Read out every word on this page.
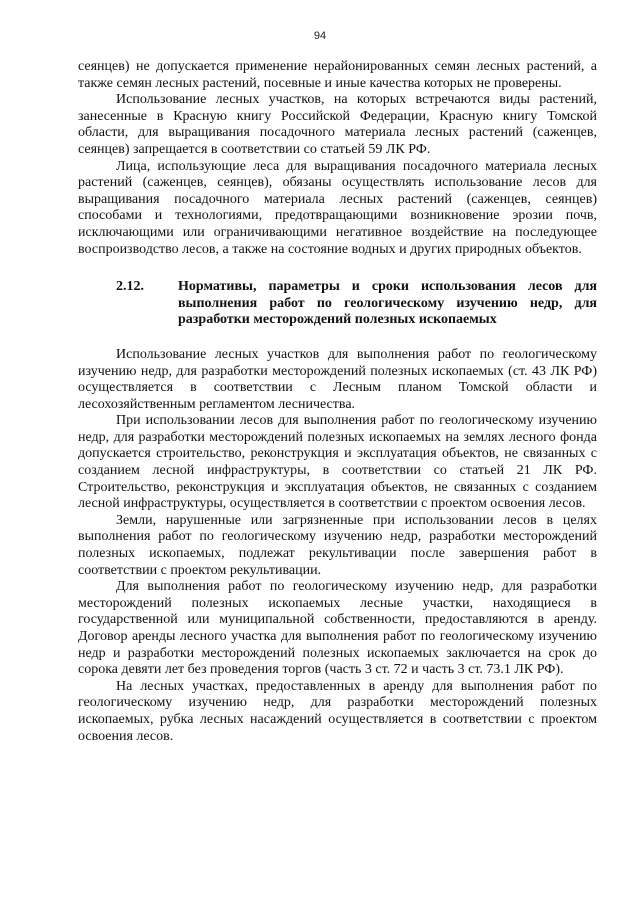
94

сеянцев) не допускается применение нерайонированных семян лесных растений, а также семян лесных растений, посевные и иные качества которых не проверены.

Использование лесных участков, на которых встречаются виды растений, занесенные в Красную книгу Российской Федерации, Красную книгу Томской области, для выращивания посадочного материала лесных растений (саженцев, сеянцев) запрещается в соответствии со статьей 59 ЛК РФ.

Лица, использующие леса для выращивания посадочного материала лесных растений (саженцев, сеянцев), обязаны осуществлять использование лесов для выращивания посадочного материала лесных растений (саженцев, сеянцев) способами и технологиями, предотвращающими возникновение эрозии почв, исключающими или ограничивающими негативное воздействие на последующее воспроизводство лесов, а также на состояние водных и других природных объектов.

2.12.	Нормативы, параметры и сроки использования лесов для выполнения работ по геологическому изучению недр, для разработки месторождений полезных ископаемых

Использование лесных участков для выполнения работ по геологическому изучению недр, для разработки месторождений полезных ископаемых (ст. 43 ЛК РФ) осуществляется в соответствии с Лесным планом Томской области и лесохозяйственным регламентом лесничества.

При использовании лесов для выполнения работ по геологическому изучению недр, для разработки месторождений полезных ископаемых на землях лесного фонда допускается строительство, реконструкция и эксплуатация объектов, не связанных с созданием лесной инфраструктуры, в соответствии со статьей 21 ЛК РФ. Строительство, реконструкция и эксплуатация объектов, не связанных с созданием лесной инфраструктуры, осуществляется в соответствии с проектом освоения лесов.

Земли, нарушенные или загрязненные при использовании лесов в целях выполнения работ по геологическому изучению недр, разработки месторождений полезных ископаемых, подлежат рекультивации после завершения работ в соответствии с проектом рекультивации.

Для выполнения работ по геологическому изучению недр, для разработки месторождений полезных ископаемых лесные участки, находящиеся в государственной или муниципальной собственности, предоставляются в аренду. Договор аренды лесного участка для выполнения работ по геологическому изучению недр и разработки месторождений полезных ископаемых заключается на срок до сорока девяти лет без проведения торгов (часть 3 ст. 72 и часть 3 ст. 73.1 ЛК РФ).

На лесных участках, предоставленных в аренду для выполнения работ по геологическому изучению недр, для разработки месторождений полезных ископаемых, рубка лесных насаждений осуществляется в соответствии с проектом освоения лесов.
